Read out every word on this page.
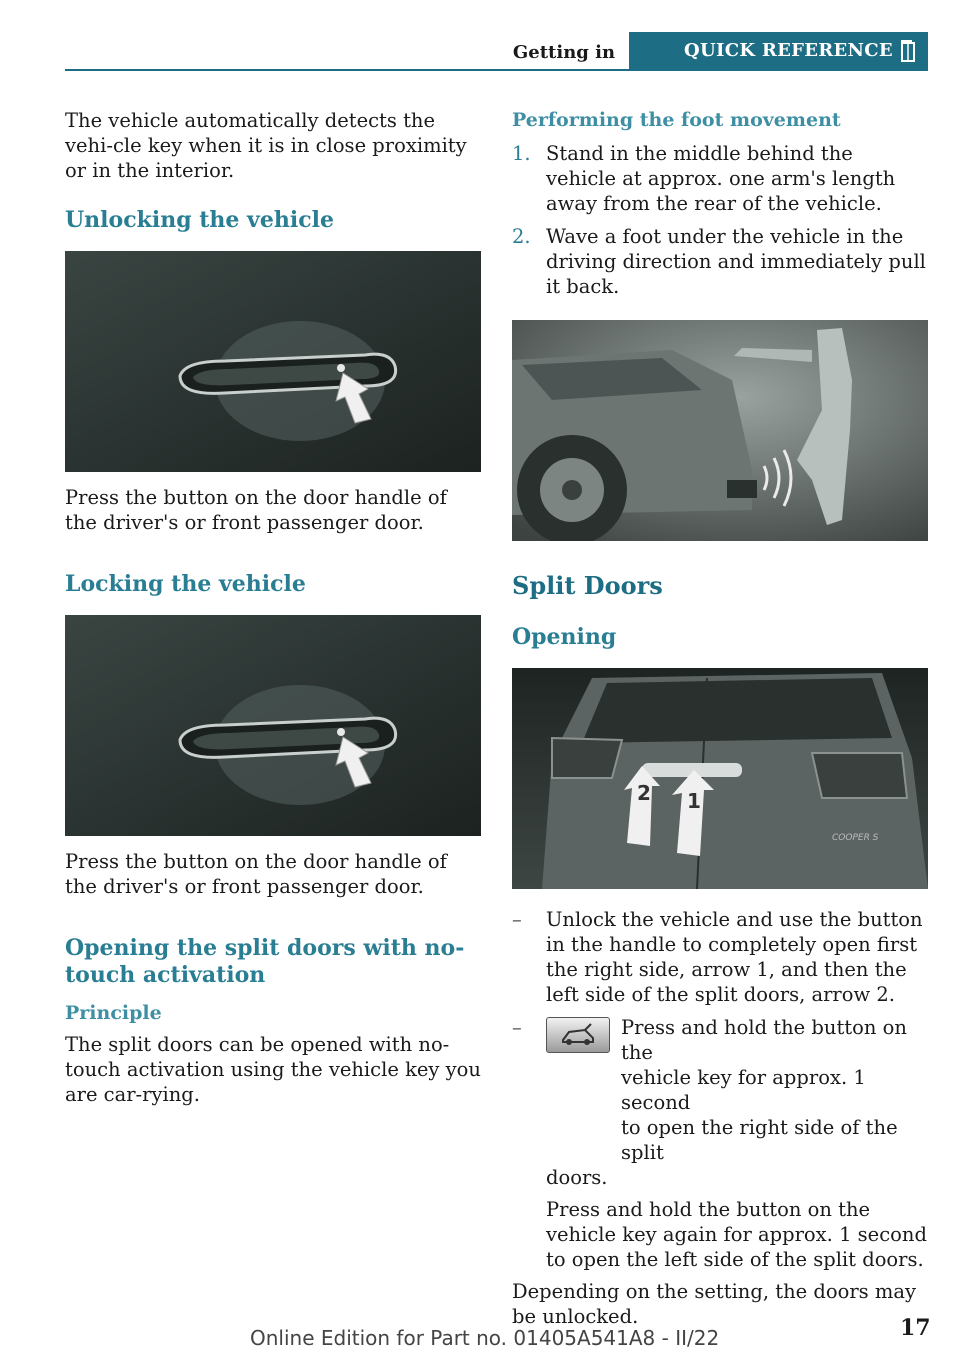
Getting in	QUICK REFERENCE

The vehicle automatically detects the vehi‐cle key when it is in close proximity or in the interior.

Unlocking the vehicle

Press the button on the door handle of the driver's or front passenger door.

Locking the vehicle

Press the button on the door handle of the driver's or front passenger door.

Opening the split doors with no-touch activation
Principle

The split doors can be opened with no-touch activation using the vehicle key you are car‐rying.

Performing the foot movement
1. Stand in the middle behind the vehicle at approx. one arm's length away from the rear of the vehicle.
2. Wave a foot under the vehicle in the driving direction and immediately pull it back.
Split Doors
Opening
2 1
COOPER S
– Unlock the vehicle and use the button in the handle to completely open first the right side, arrow 1, and then the left side of the split doors, arrow 2.
–	Press and hold the button on the
vehicle key for approx. 1 second
to open the right side of the split
doors.
Press and hold the button on the vehicle key again for approx. 1 second to open the left side of the split doors.

Depending on the setting, the doors may be unlocked.

Online Edition for Part no. 01405A541A8 - II/22	17
